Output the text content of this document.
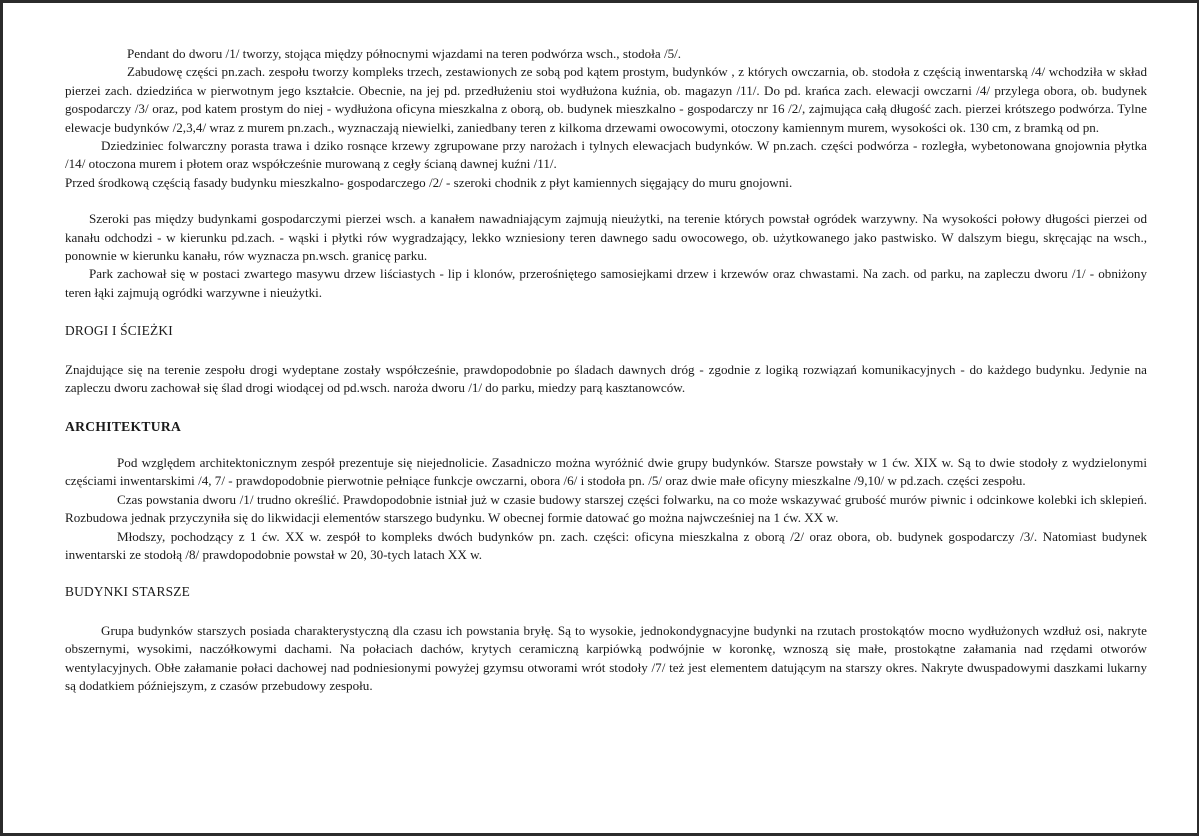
Pendant do dworu /1/ tworzy, stojąca między północnymi wjazdami na teren podwórza wsch., stodoła /5/.

Zabudowę części pn.zach. zespołu tworzy kompleks trzech, zestawionych ze sobą pod kątem prostym, budynków , z których owczarnia, ob. stodoła z częścią inwentarską /4/ wchodziła w skład pierzei zach. dziedzińca w pierwotnym jego kształcie. Obecnie, na jej pd. przedłużeniu stoi wydłużona kuźnia, ob. magazyn /11/. Do pd. krańca zach. elewacji owczarni /4/ przylega obora, ob. budynek gospodarczy /3/ oraz, pod katem prostym do niej - wydłużona oficyna mieszkalna z oborą, ob. budynek mieszkalno - gospodarczy nr 16 /2/, zajmująca całą długość zach. pierzei krótszego podwórza. Tylne elewacje budynków /2,3,4/ wraz z murem pn.zach., wyznaczają niewielki, zaniedbany teren z kilkoma drzewami owocowymi, otoczony kamiennym murem, wysokości ok. 130 cm, z bramką od pn.

Dziedziniec folwarczny porasta trawa i dziko rosnące krzewy zgrupowane przy narożach i tylnych elewacjach budynków. W pn.zach. części podwórza - rozległa, wybetonowana gnojownia płytka /14/ otoczona murem i płotem oraz współcześnie murowaną z cegły ścianą dawnej kuźni /11/.

Przed środkową częścią fasady budynku mieszkalno- gospodarczego /2/ - szeroki chodnik z płyt kamiennych sięgający do muru gnojowni.

Szeroki pas między budynkami gospodarczymi pierzei wsch. a kanałem nawadniającym zajmują nieużytki, na terenie których powstał ogródek warzywny. Na wysokości połowy długości pierzei od kanału odchodzi - w kierunku pd.zach. - wąski i płytki rów wygradzający, lekko wzniesiony teren dawnego sadu owocowego, ob. użytkowanego jako pastwisko. W dalszym biegu, skręcając na wsch., ponownie w kierunku kanału, rów wyznacza pn.wsch. granicę parku.

Park zachował się w postaci zwartego masywu drzew liściastych - lip i klonów, przerośniętego samosiejkami drzew i krzewów oraz chwastami. Na zach. od parku, na zapleczu dworu /1/ - obniżony teren łąki zajmują ogródki warzywne i nieużytki.

DROGI I ŚCIEŻKI

Znajdujące się na terenie zespołu drogi wydeptane zostały współcześnie, prawdopodobnie po śladach dawnych dróg - zgodnie z logiką rozwiązań komunikacyjnych - do każdego budynku. Jedynie na zapleczu dworu zachował się ślad drogi wiodącej od pd.wsch. naroża dworu /1/ do parku, miedzy parą kasztanowców.

ARCHITEKTURA

Pod względem architektonicznym zespół prezentuje się niejednolicie. Zasadniczo można wyróżnić dwie grupy budynków. Starsze powstały w 1 ćw. XIX w. Są to dwie stodoły z wydzielonymi częściami inwentarskimi /4, 7/ - prawdopodobnie pierwotnie pełniące funkcje owczarni, obora /6/ i stodoła pn. /5/ oraz dwie małe oficyny mieszkalne /9,10/ w pd.zach. części zespołu.

Czas powstania dworu /1/ trudno określić. Prawdopodobnie istniał już w czasie budowy starszej części folwarku, na co może wskazywać grubość murów piwnic i odcinkowe kolebki ich sklepień. Rozbudowa jednak przyczyniła się do likwidacji elementów starszego budynku. W obecnej formie datować go można najwcześniej na 1 ćw. XX w.

Młodszy, pochodzący z 1 ćw. XX w. zespół to kompleks dwóch budynków pn. zach. części: oficyna mieszkalna z oborą /2/ oraz obora, ob. budynek gospodarczy /3/. Natomiast budynek inwentarski ze stodołą /8/ prawdopodobnie powstał w 20, 30-tych latach XX w.

BUDYNKI STARSZE

Grupa budynków starszych posiada charakterystyczną dla czasu ich powstania bryłę. Są to wysokie, jednokondygnacyjne budynki na rzutach prostokątów mocno wydłużonych wzdłuż osi, nakryte obszernymi, wysokimi, naczółkowymi dachami. Na połaciach dachów, krytych ceramiczną karpiówką podwójnie w koronkę, wznoszą się małe, prostokątne załamania nad rzędami otworów wentylacyjnych. Obłe załamanie połaci dachowej nad podniesionymi powyżej gzymsu otworami wrót stodoły /7/ też jest elementem datującym na starszy okres. Nakryte dwuspadowymi daszkami lukarny są dodatkiem późniejszym, z czasów przebudowy zespołu.
